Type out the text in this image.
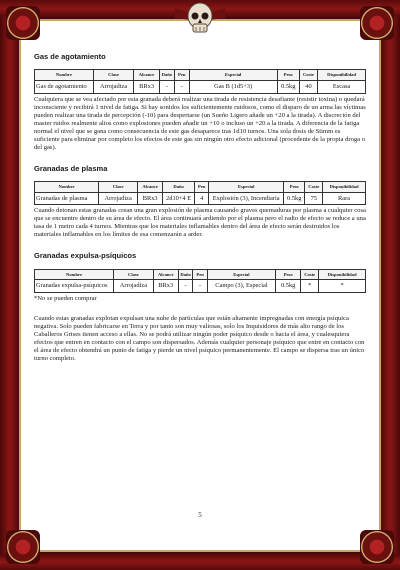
Gas de agotamiento
Nombre	Clase	Alcance	Daño	Pen	Especial	Peso	Coste	Disponibilidad
Gas de agotamiento	Arrojadiza	BRx3	-	-	Gas B (1d5+3)	0.5kg	40	Escasa

Cualquiera que se vea afectado por esta granada deberá realizar una tirada de resistencia desafiante (resistir toxina) o quedará inconsciente y recibirá 1 nivel de fatiga. Si hay sonidos los suficientemente ruidosos, como el disparo de un arma las víctimas pueden realizar una tirada de percepción (-10) para despertarse (un Sueño Ligero añade un +20 a la tirada). A discreción del master ruidos realmente altos como explosiones pueden añadir un +10 o incluso un +20 a la tirada. A diferencia de la fatiga normal el nivel que se gana como consecuencia de este gas desaparece tras 1d10 turnos. Una sola dosis de Stimm es suficiente para eliminar por completo los efectos de este gas sin ningún otro efecto adicional (procedente de la propia droga o del gas).

Granadas de plasma
Nombre	Clase	Alcance	Daño	Pen	Especial	Peso	Coste	Disponibilidad
Granadas de plasma	Arrojadiza	BRx3	2d10+4 E	4	Explosión (3), Incendiaria	0.5kg	75	Rara

Cuando detonan estas granadas crean una gran explosión de plasma causando graves quemaduras por plasma a cualquier cosa que se encuentre dentro de su área de efecto. El área continuará ardiendo por el plasma pero el radio de efecto se reduce a una tasa de 1 metro cada 4 turnos. Mientras que los materiales inflamables dentro del área de efecto serán destruidos los materiales inflamables en los límites de esa comenzarán a arder.

Granadas expulsa-psíquicos
Nombre	Clase	Alcance	Daño	Pen	Especial	Peso	Coste	Disponibilidad
Granadas expulsa-psíquicos	Arrojadiza	BRx3	-	-	Campo (3), Especial	0.5kg	*	*

*No se pueden comprar

Cuando estas granadas explotan expulsan una nube de partículas que están altamente impregnadas con energía psíquica negativa. Solo pueden fabricarse en Terra y por tanto son muy valiosas, solo los Inquisidores de más alto rango de los Caballeros Grises tienen acceso a ellas. No se podrá utilizar ningún poder psíquico desde o hacia el área, y cualesquiera efectos que entren en contacto con el campo son dispersados. Además cualquier personaje psíquico que entre en contacto con el área de efecto obtendrá un punto de fatiga y pierde un nivel psíquico permanentemente. El campo se dispersa tras un único turno completo.

5
